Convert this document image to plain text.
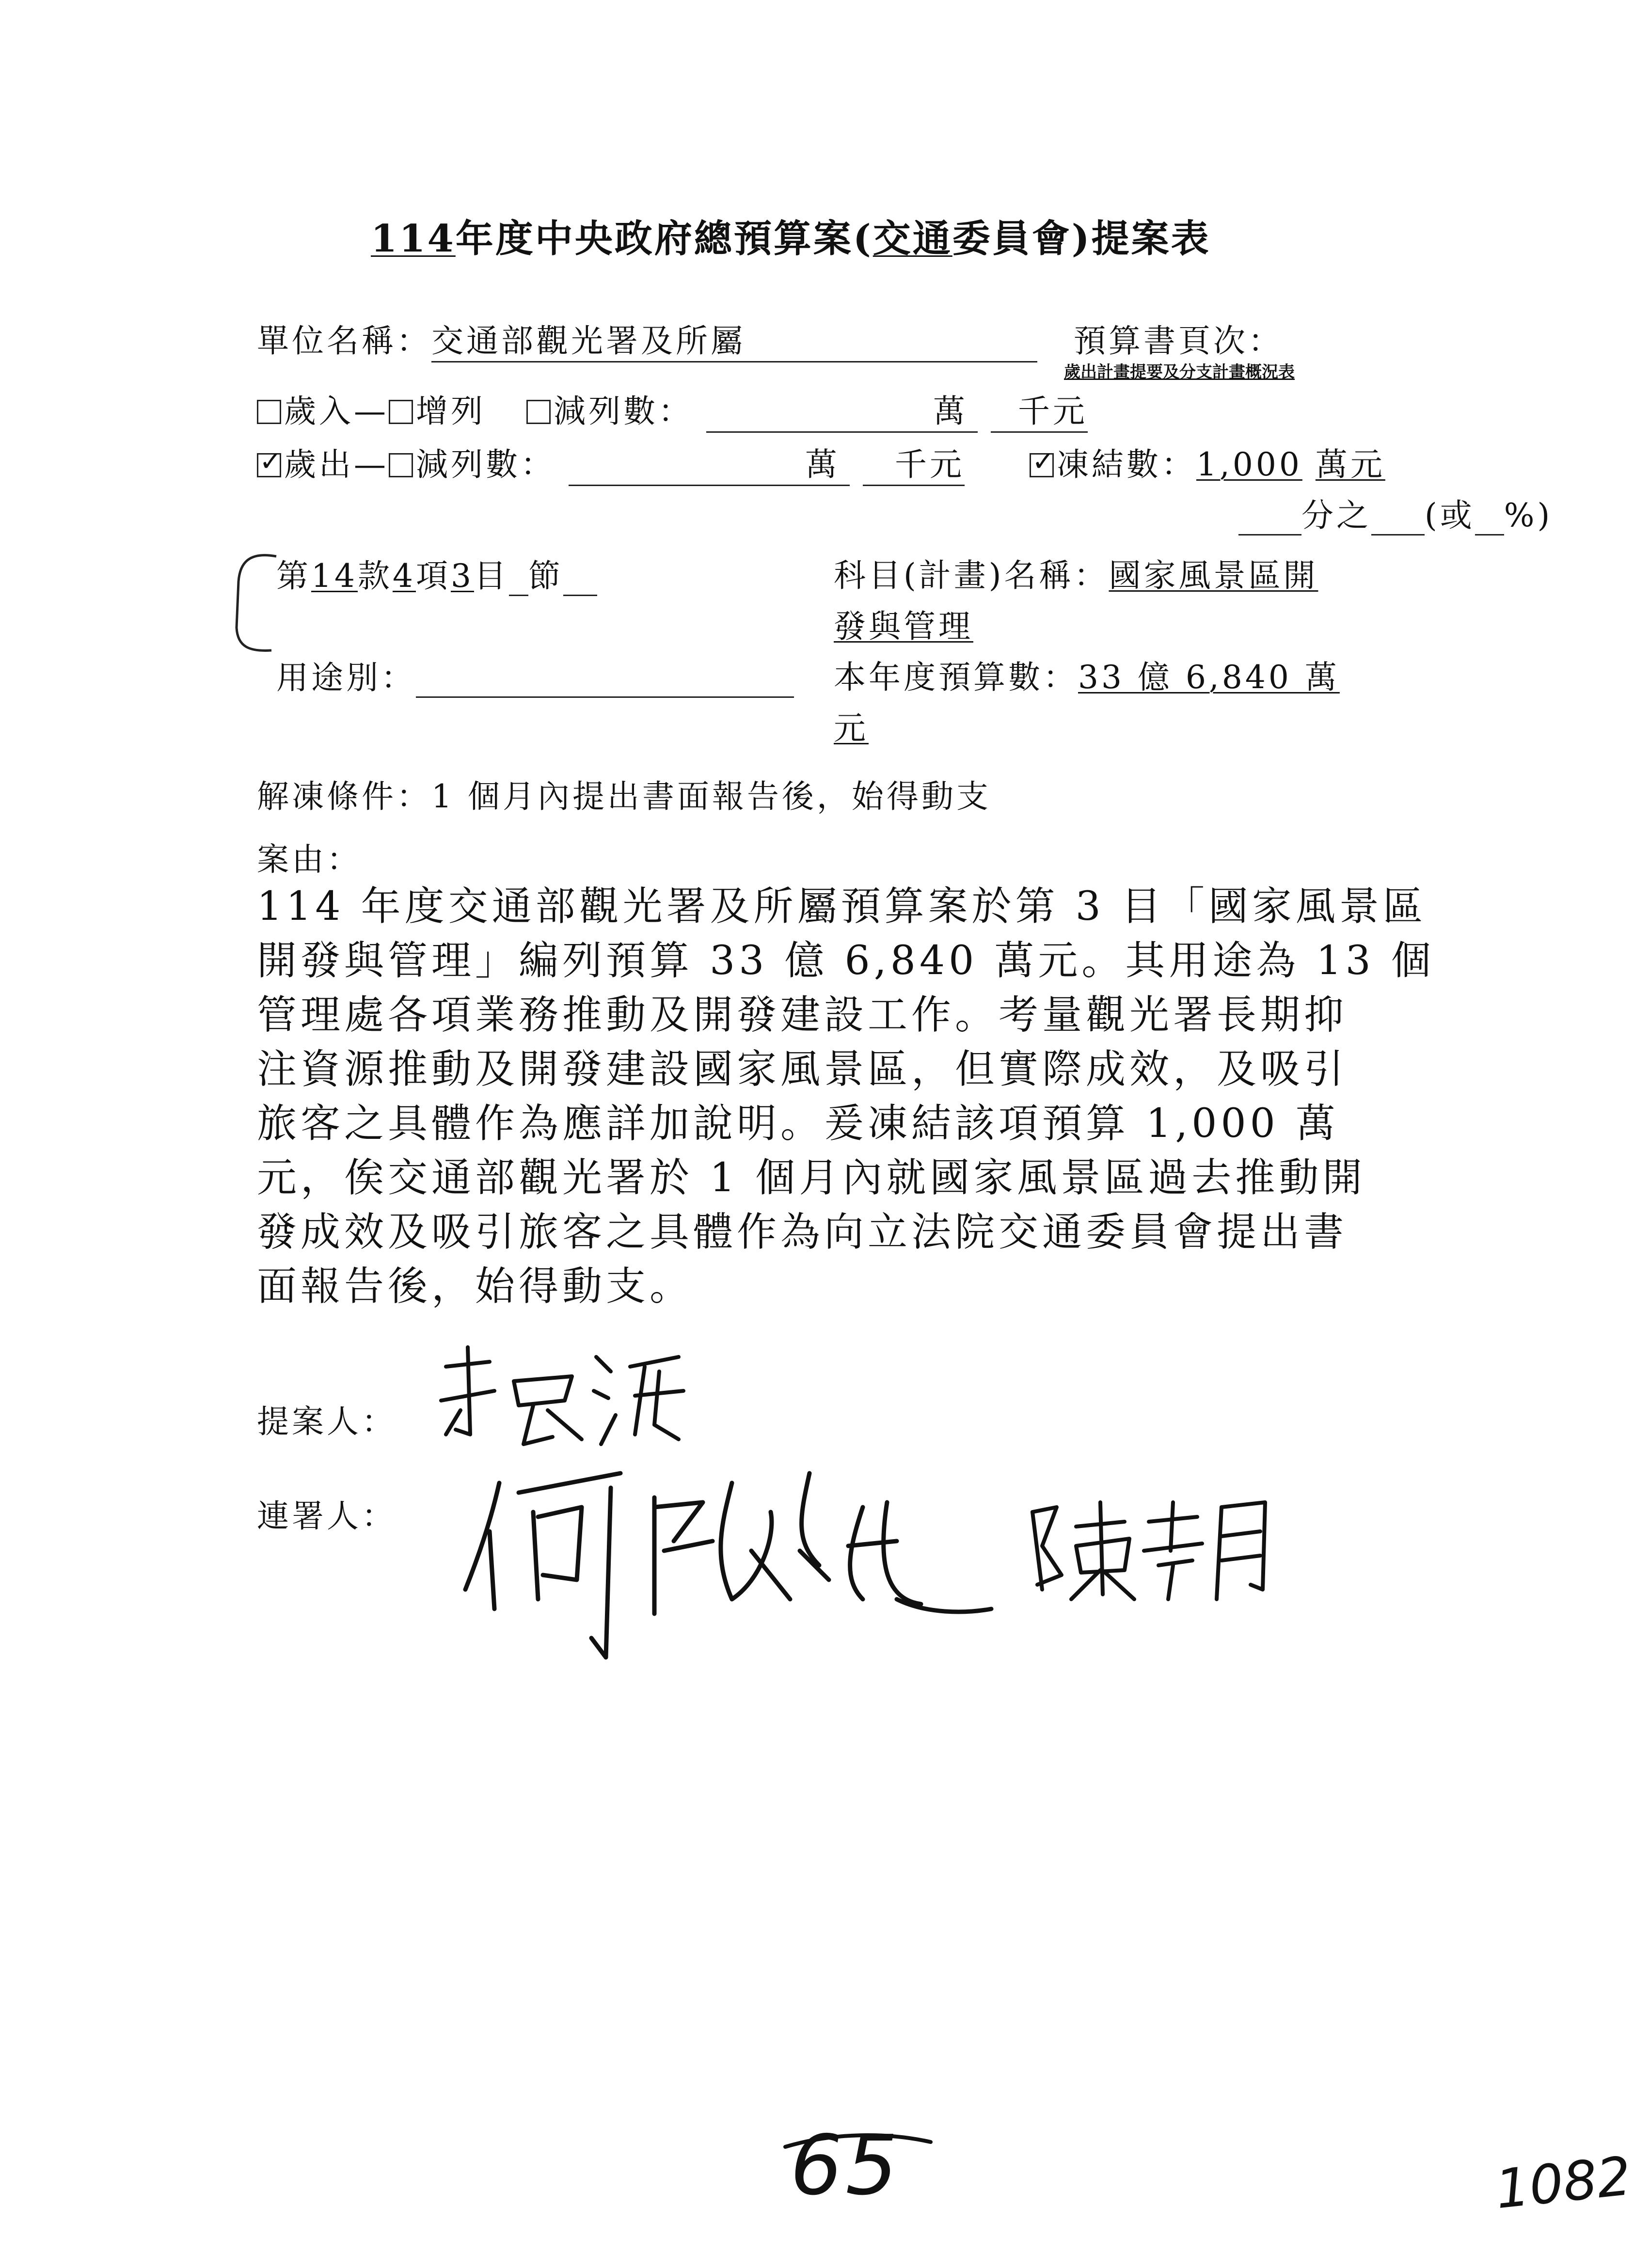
114年度中央政府總預算案(交通委員會)提案表
單位名稱：交通部觀光署及所屬	預算書頁次：
歲出計畫提要及分支計畫概況表
歲入— 增列 減列數：	萬 千元
✓歲出— 減列數：	萬 千元  ✓	凍結數：1,000 萬元
分之 (或 %)
第14款4項3目 節	科目(計畫)名稱：國家風景區開
發與管理
用途別：	本年度預算數：33 億 6,840 萬
元
解凍條件：1 個月內提出書面報告後，始得動支
案由：
114 年度交通部觀光署及所屬預算案於第 3 目「國家風景區
開發與管理」編列預算 33 億 6,840 萬元。其用途為 13 個
管理處各項業務推動及開發建設工作。考量觀光署長期抑
注資源推動及開發建設國家風景區，但實際成效，及吸引
旅客之具體作為應詳加說明。爰凍結該項預算 1,000 萬
元，俟交通部觀光署於 1 個月內就國家風景區過去推動開
發成效及吸引旅客之具體作為向立法院交通委員會提出書
面報告後，始得動支。
提案人：
連署人：
65	1082
